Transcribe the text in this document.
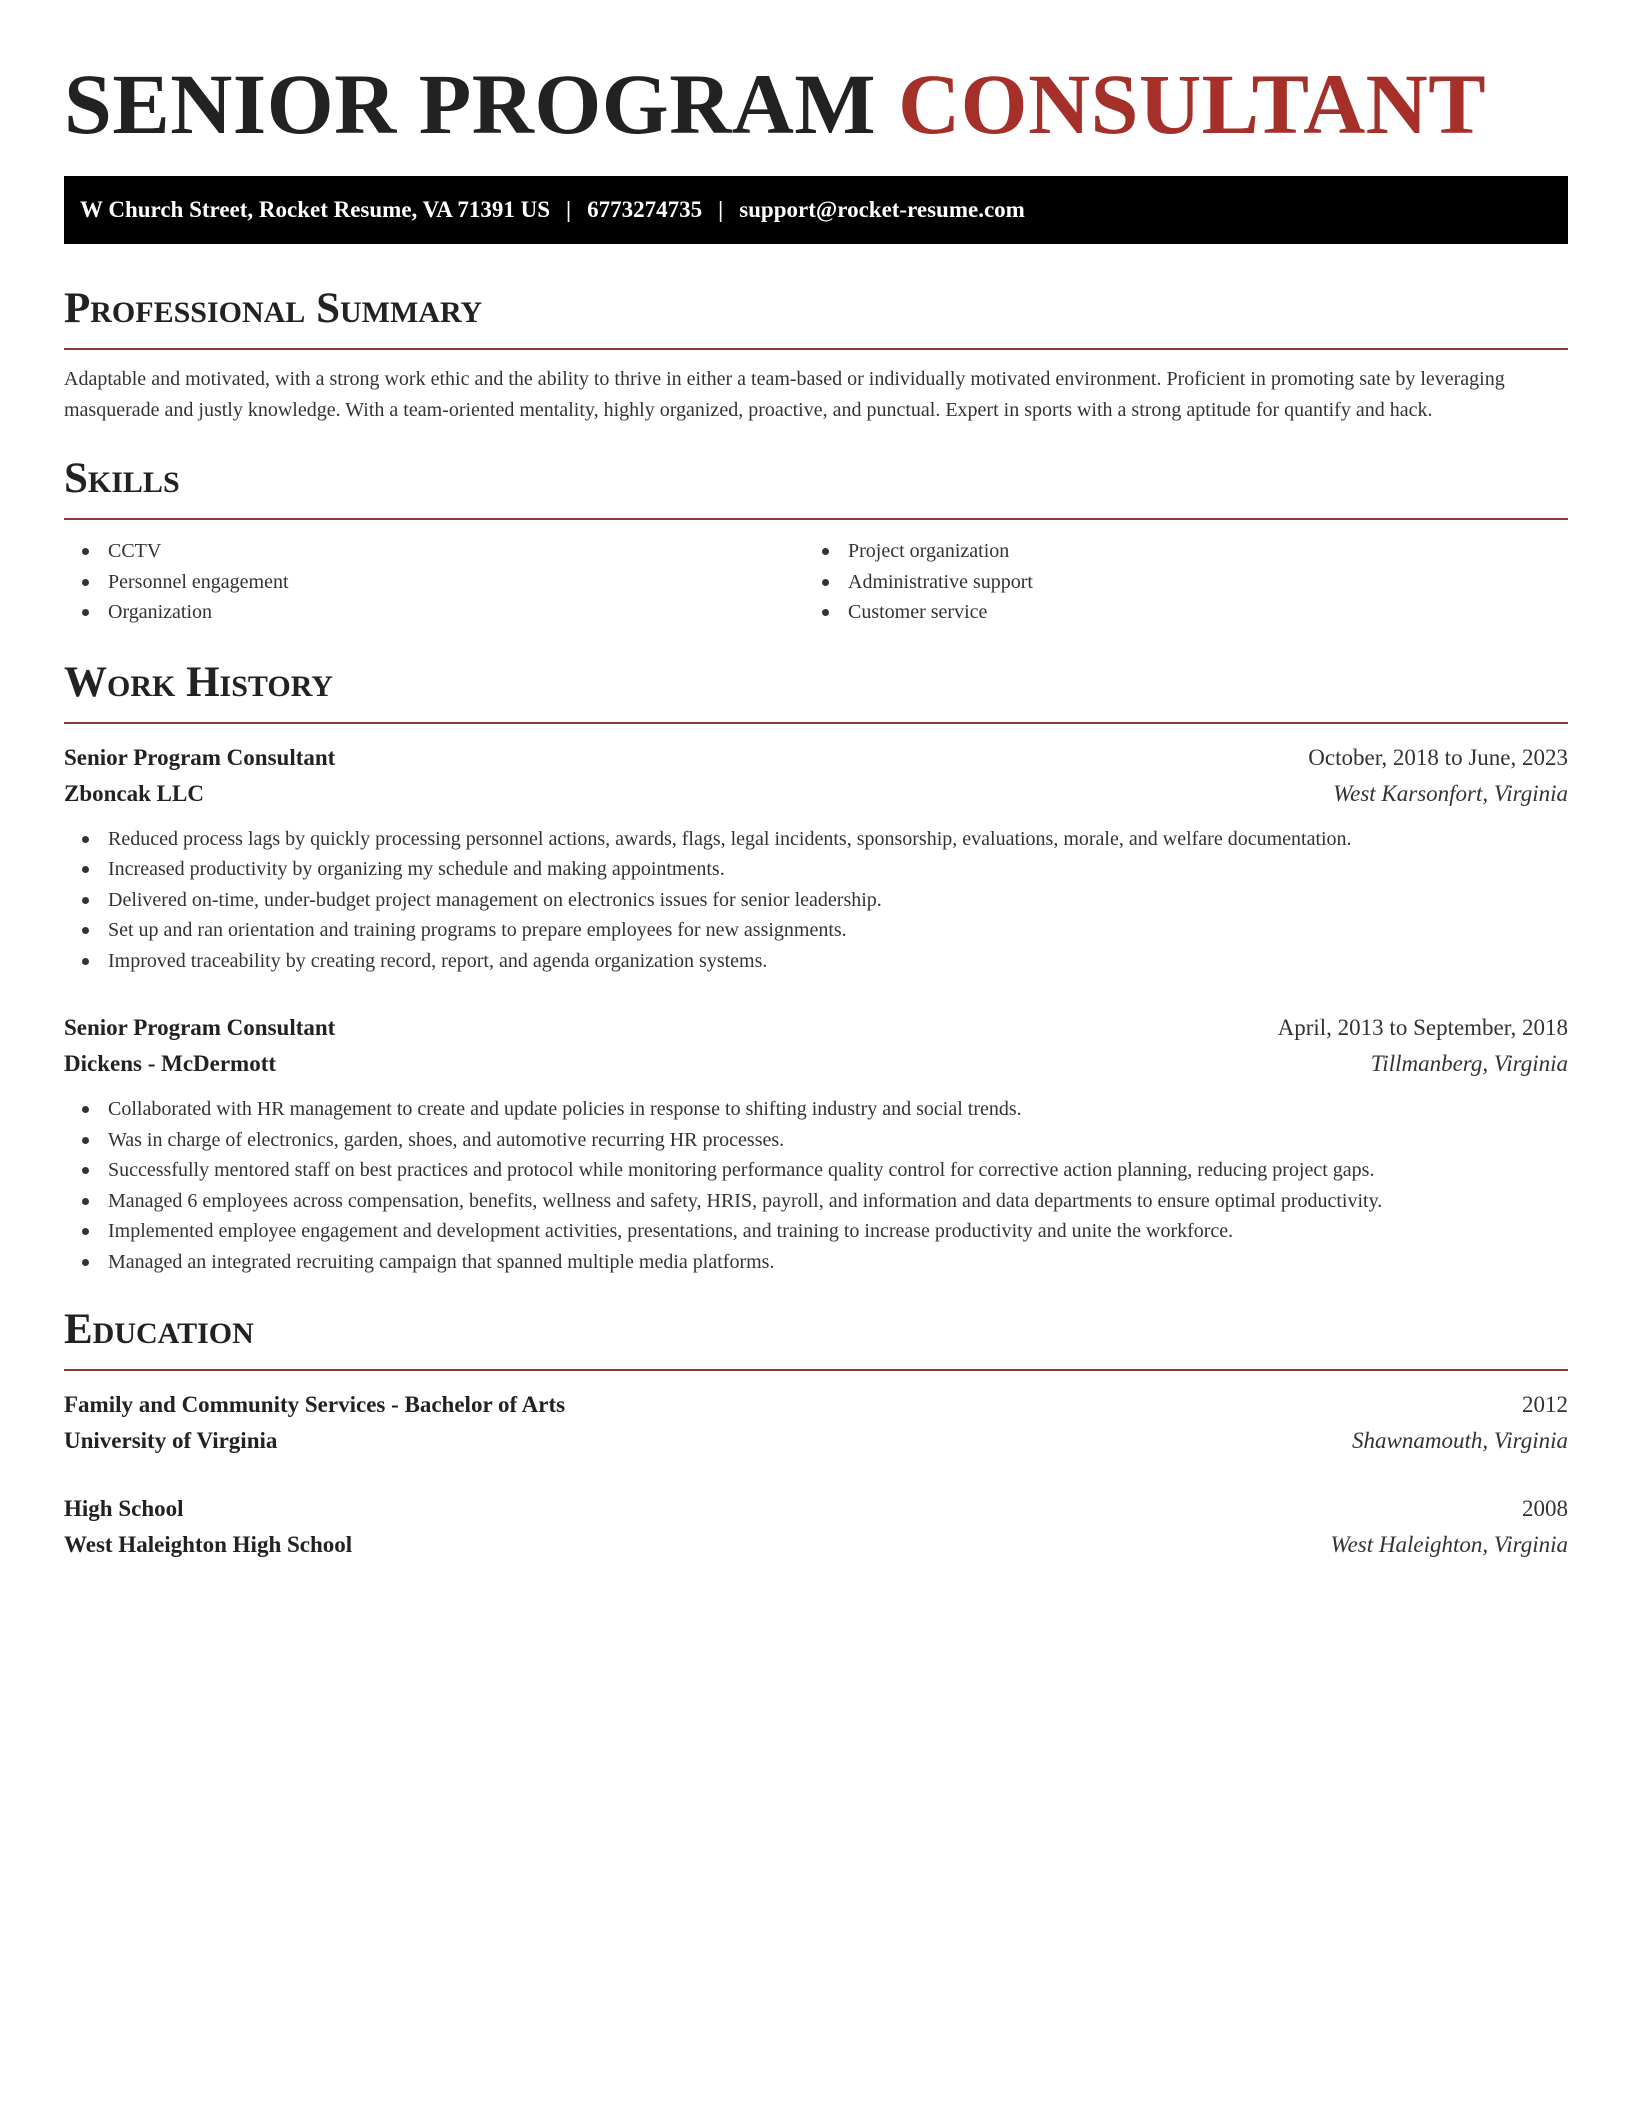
SENIOR PROGRAM CONSULTANT
W Church Street, Rocket Resume, VA 71391 US | 6773274735 | support@rocket-resume.com
Professional Summary

Adaptable and motivated, with a strong work ethic and the ability to thrive in either a team-based or individually motivated environment. Proficient in promoting sate by leveraging masquerade and justly knowledge. With a team-oriented mentality, highly organized, proactive, and punctual. Expert in sports with a strong aptitude for quantify and hack.

Skills
CCTV
Personnel engagement
Organization
Project organization
Administrative support
Customer service
Work History
Senior Program Consultant	October, 2018 to June, 2023
Zboncak LLC	West Karsonfort, Virginia
Reduced process lags by quickly processing personnel actions, awards, flags, legal incidents, sponsorship, evaluations, morale, and welfare documentation.
Increased productivity by organizing my schedule and making appointments.
Delivered on-time, under-budget project management on electronics issues for senior leadership.
Set up and ran orientation and training programs to prepare employees for new assignments.
Improved traceability by creating record, report, and agenda organization systems.
Senior Program Consultant	April, 2013 to September, 2018
Dickens - McDermott	Tillmanberg, Virginia
Collaborated with HR management to create and update policies in response to shifting industry and social trends.
Was in charge of electronics, garden, shoes, and automotive recurring HR processes.
Successfully mentored staff on best practices and protocol while monitoring performance quality control for corrective action planning, reducing project gaps.
Managed 6 employees across compensation, benefits, wellness and safety, HRIS, payroll, and information and data departments to ensure optimal productivity.
Implemented employee engagement and development activities, presentations, and training to increase productivity and unite the workforce.
Managed an integrated recruiting campaign that spanned multiple media platforms.
Education
Family and Community Services - Bachelor of Arts	2012
University of Virginia	Shawnamouth, Virginia
High School	2008
West Haleighton High School	West Haleighton, Virginia
